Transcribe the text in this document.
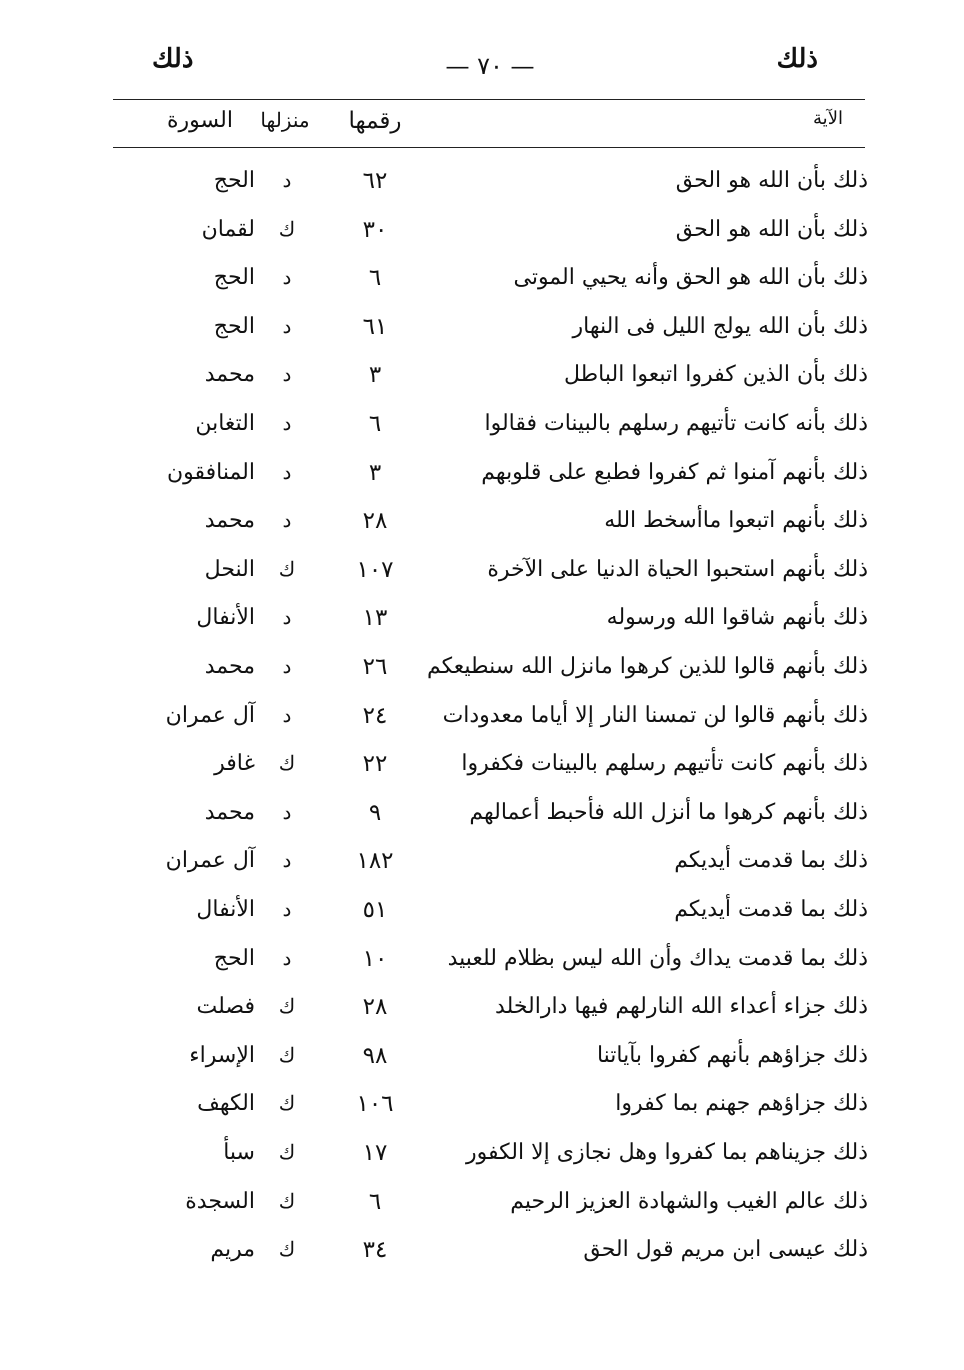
ذلك
— ٧٠ —
ذلك
الآية
رقمها
منزلها
السورة
ذلك بأن الله هو الحق
٦٢
د
الحج
ذلك بأن الله هو الحق
٣٠
ك
لقمان
ذلك بأن الله هو الحق وأنه يحيي الموتى
٦
د
الحج
ذلك بأن الله يولج الليل فى النهار
٦١
د
الحج
ذلك بأن الذين كفروا اتبعوا الباطل
٣
د
محمد
ذلك بأنه كانت تأتيهم رسلهم بالبينات فقالوا
٦
د
التغابن
ذلك بأنهم آمنوا ثم كفروا فطبع على قلوبهم
٣
د
المنافقون
ذلك بأنهم اتبعوا ماأسخط الله
٢٨
د
محمد
ذلك بأنهم استحبوا الحياة الدنيا على الآخرة
١٠٧
ك
النحل
ذلك بأنهم شاقوا الله ورسوله
١٣
د
الأنفال
ذلك بأنهم قالوا للذين كرهوا مانزل الله سنطيعكم
٢٦
د
محمد
ذلك بأنهم قالوا لن تمسنا النار إلا أياما معدودات
٢٤
د
آل عمران
ذلك بأنهم كانت تأتيهم رسلهم بالبينات فكفروا
٢٢
ك
غافر
ذلك بأنهم كرهوا ما أنزل الله فأحبط أعمالهم
٩
د
محمد
ذلك بما قدمت أيديكم
١٨٢
د
آل عمران
ذلك بما قدمت أيديكم
٥١
د
الأنفال
ذلك بما قدمت يداك وأن الله ليس بظلام للعبيد
١٠
د
الحج
ذلك جزاء أعداء الله النارلهم فيها دارالخلد
٢٨
ك
فصلت
ذلك جزاؤهم بأنهم كفروا بآياتنا
٩٨
ك
الإسراء
ذلك جزاؤهم جهنم بما كفروا
١٠٦
ك
الكهف
ذلك جزيناهم بما كفروا وهل نجازى إلا الكفور
١٧
ك
سبأ
ذلك عالم الغيب والشهادة العزيز الرحيم
٦
ك
السجدة
ذلك عيسى ابن مريم قول الحق
٣٤
ك
مريم
